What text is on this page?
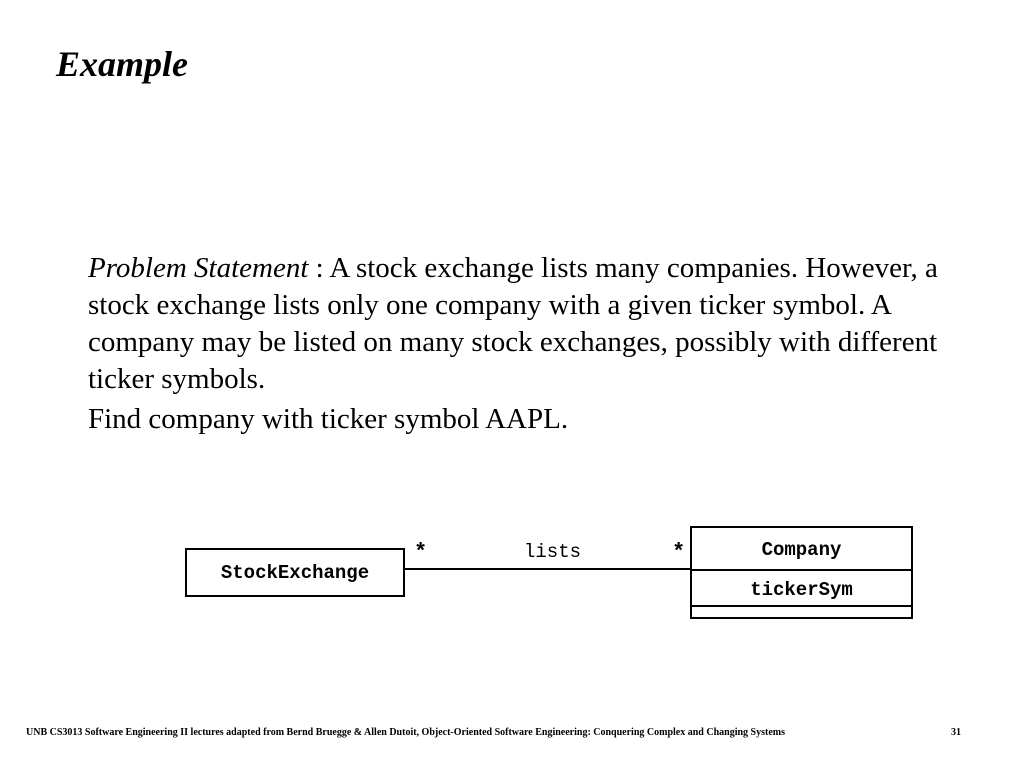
Example

Problem Statement : A stock exchange lists many companies. However, a stock exchange lists only one company with a given ticker symbol. A company may be listed on many stock exchanges, possibly with different ticker symbols.

Find company with ticker symbol AAPL.

StockExchange
lists
*	*	Company
tickerSym
UNB CS3013 Software Engineering II lectures adapted from Bernd Bruegge & Allen Dutoit, Object-Oriented Software Engineering: Conquering Complex and Changing Systems	31
